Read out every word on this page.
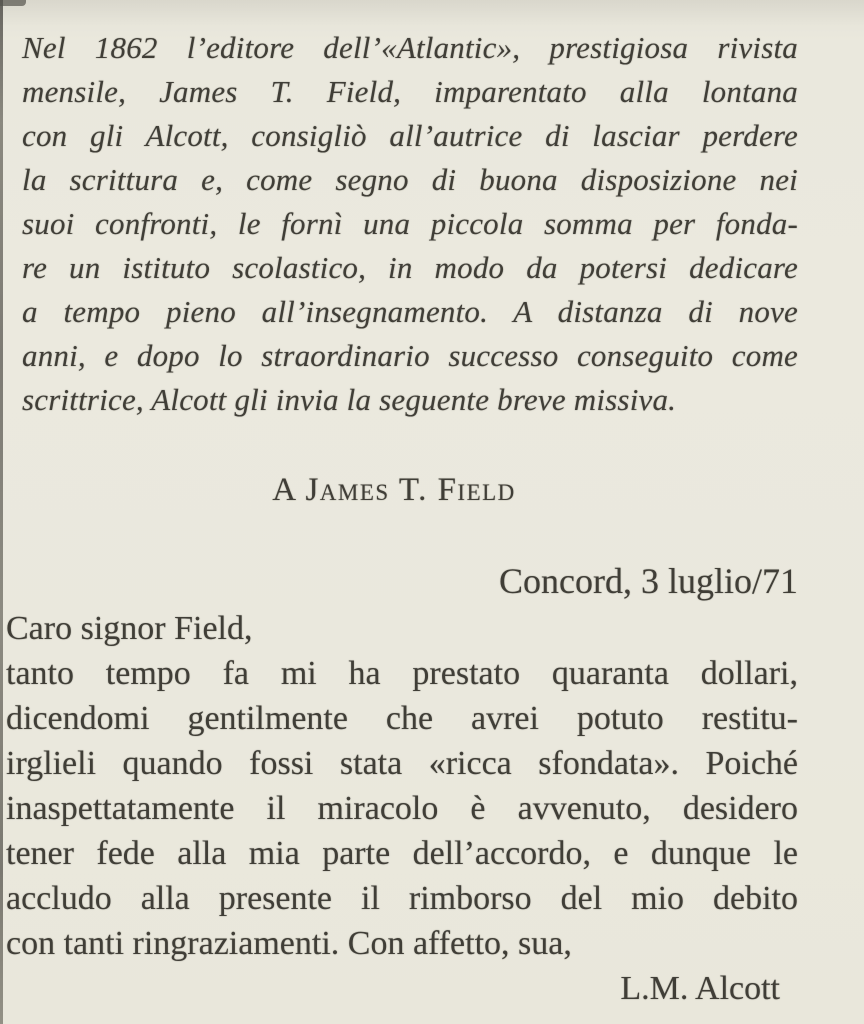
Nel 1862 l’editore dell’«Atlantic», prestigiosa rivista
mensile, James T. Field, imparentato alla lontana
con gli Alcott, consigliò all’autrice di lasciar perdere
la scrittura e, come segno di buona disposizione nei
suoi confronti, le fornì una piccola somma per fonda-
re un istituto scolastico, in modo da potersi dedicare
a tempo pieno all’insegnamento. A distanza di nove
anni, e dopo lo straordinario successo conseguito come
scrittrice, Alcott gli invia la seguente breve missiva.
A James T. Field
Concord, 3 luglio/71
Caro signor Field,
tanto tempo fa mi ha prestato quaranta dollari,
dicendomi gentilmente che avrei potuto restitu-
irglieli quando fossi stata «ricca sfondata». Poiché
inaspettatamente il miracolo è avvenuto, desidero
tener fede alla mia parte dell’accordo, e dunque le
accludo alla presente il rimborso del mio debito
con tanti ringraziamenti. Con affetto, sua,
L.M. Alcott
